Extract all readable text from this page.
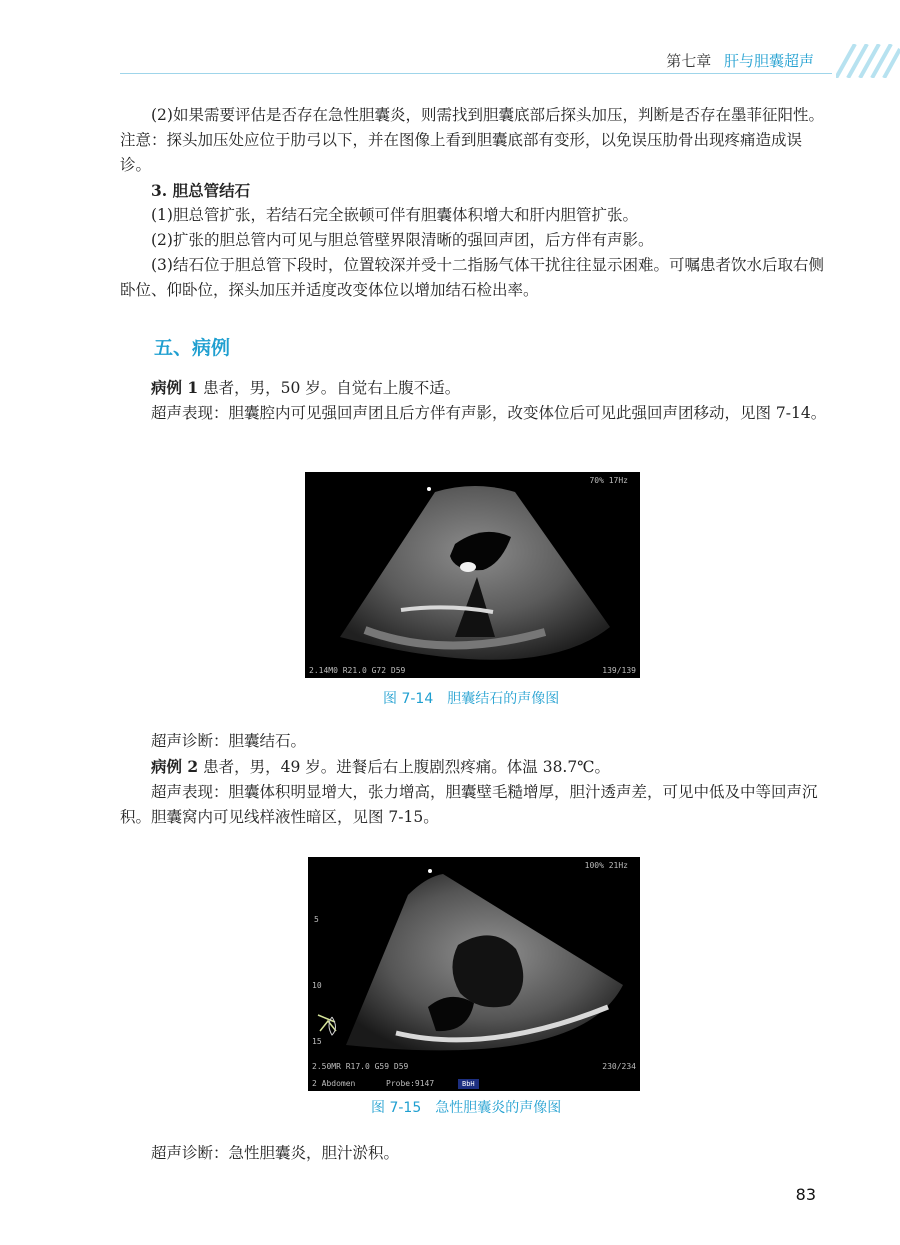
第七章 肝与胆囊超声

(2)如果需要评估是否存在急性胆囊炎，则需找到胆囊底部后探头加压，判断是否存在墨菲征阳性。注意：探头加压处应位于肋弓以下，并在图像上看到胆囊底部有变形，以免误压肋骨出现疼痛造成误诊。

3. 胆总管结石

(1)胆总管扩张，若结石完全嵌顿可伴有胆囊体积增大和肝内胆管扩张。

(2)扩张的胆总管内可见与胆总管壁界限清晰的强回声团，后方伴有声影。

(3)结石位于胆总管下段时，位置较深并受十二指肠气体干扰往往显示困难。可嘱患者饮水后取右侧卧位、仰卧位，探头加压并适度改变体位以增加结石检出率。

五、病例

病例 1 患者，男，50 岁。自觉右上腹不适。

超声表现：胆囊腔内可见强回声团且后方伴有声影，改变体位后可见此强回声团移动，见图 7-14。

70% 17Hz
2.14M0 R21.0 G72 D59	139/139
图 7-14　胆囊结石的声像图

超声诊断：胆囊结石。

病例 2 患者，男，49 岁。进餐后右上腹剧烈疼痛。体温 38.7℃。

超声表现：胆囊体积明显增大，张力增高，胆囊壁毛糙增厚，胆汁透声差，可见中低及中等回声沉积。胆囊窝内可见线样液性暗区，见图 7-15。

5
10
15
100% 21Hz
2.50MR R17.0 G59 D59	230/234
2 Abdomen	Probe:9147	BbH
图 7-15　急性胆囊炎的声像图

超声诊断：急性胆囊炎，胆汁淤积。

83
